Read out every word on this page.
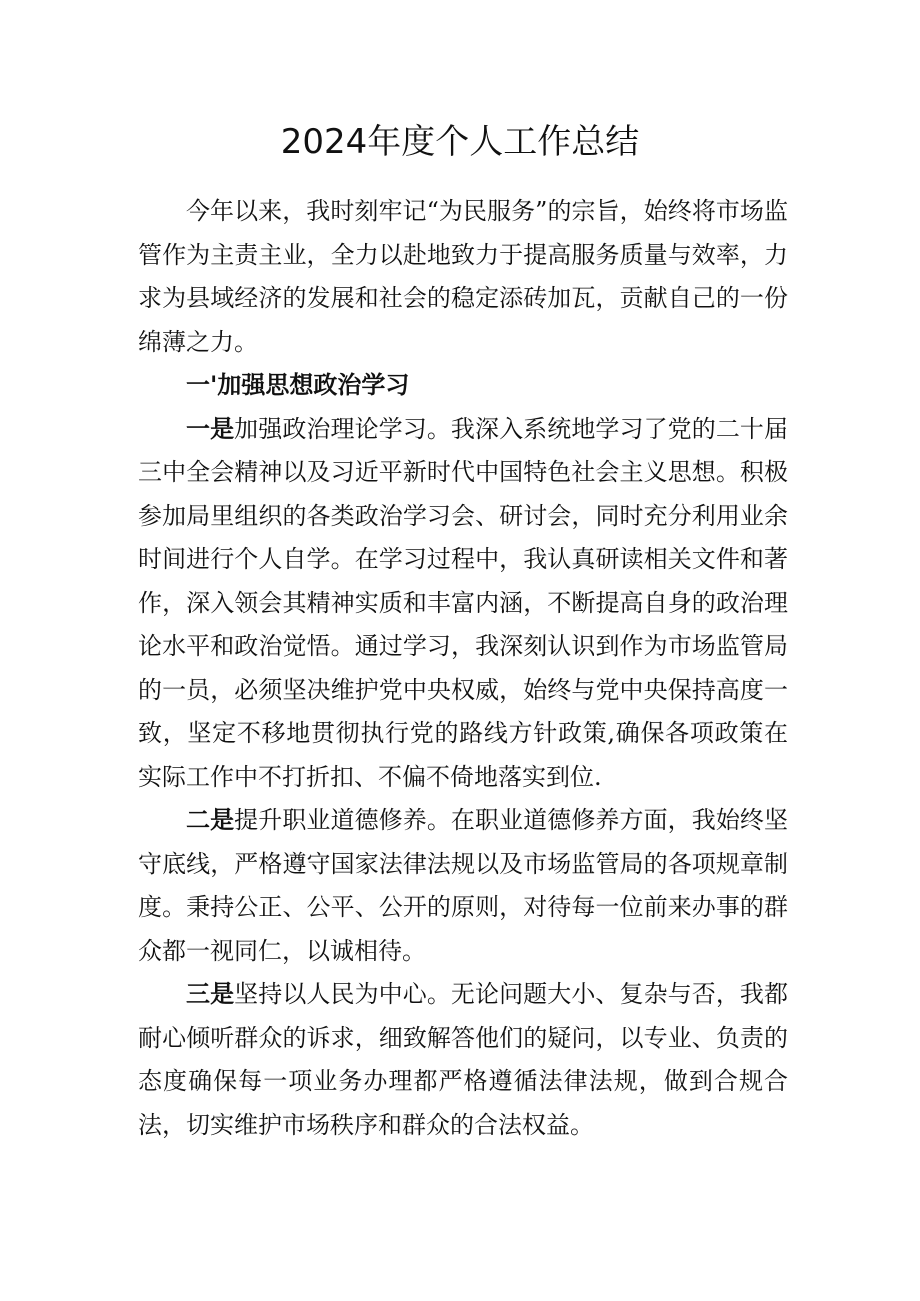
2024年度个人工作总结

今年以来，我时刻牢记“为民服务”的宗旨，始终将市场监管作为主责主业，全力以赴地致力于提高服务质量与效率，力求为县域经济的发展和社会的稳定添砖加瓦，贡献自己的一份绵薄之力。

一'加强思想政治学习

一是加强政治理论学习。我深入系统地学习了党的二十届三中全会精神以及习近平新时代中国特色社会主义思想。积极参加局里组织的各类政治学习会、研讨会，同时充分利用业余时间进行个人自学。在学习过程中，我认真研读相关文件和著作，深入领会其精神实质和丰富内涵，不断提高自身的政治理论水平和政治觉悟。通过学习，我深刻认识到作为市场监管局的一员，必须坚决维护党中央权威，始终与党中央保持高度一致，坚定不移地贯彻执行党的路线方针政策,确保各项政策在实际工作中不打折扣、不偏不倚地落实到位.

二是提升职业道德修养。在职业道德修养方面，我始终坚守底线，严格遵守国家法律法规以及市场监管局的各项规章制度。秉持公正、公平、公开的原则，对待每一位前来办事的群众都一视同仁，以诚相待。

三是坚持以人民为中心。无论问题大小、复杂与否，我都耐心倾听群众的诉求，细致解答他们的疑问，以专业、负责的态度确保每一项业务办理都严格遵循法律法规，做到合规合法，切实维护市场秩序和群众的合法权益。
